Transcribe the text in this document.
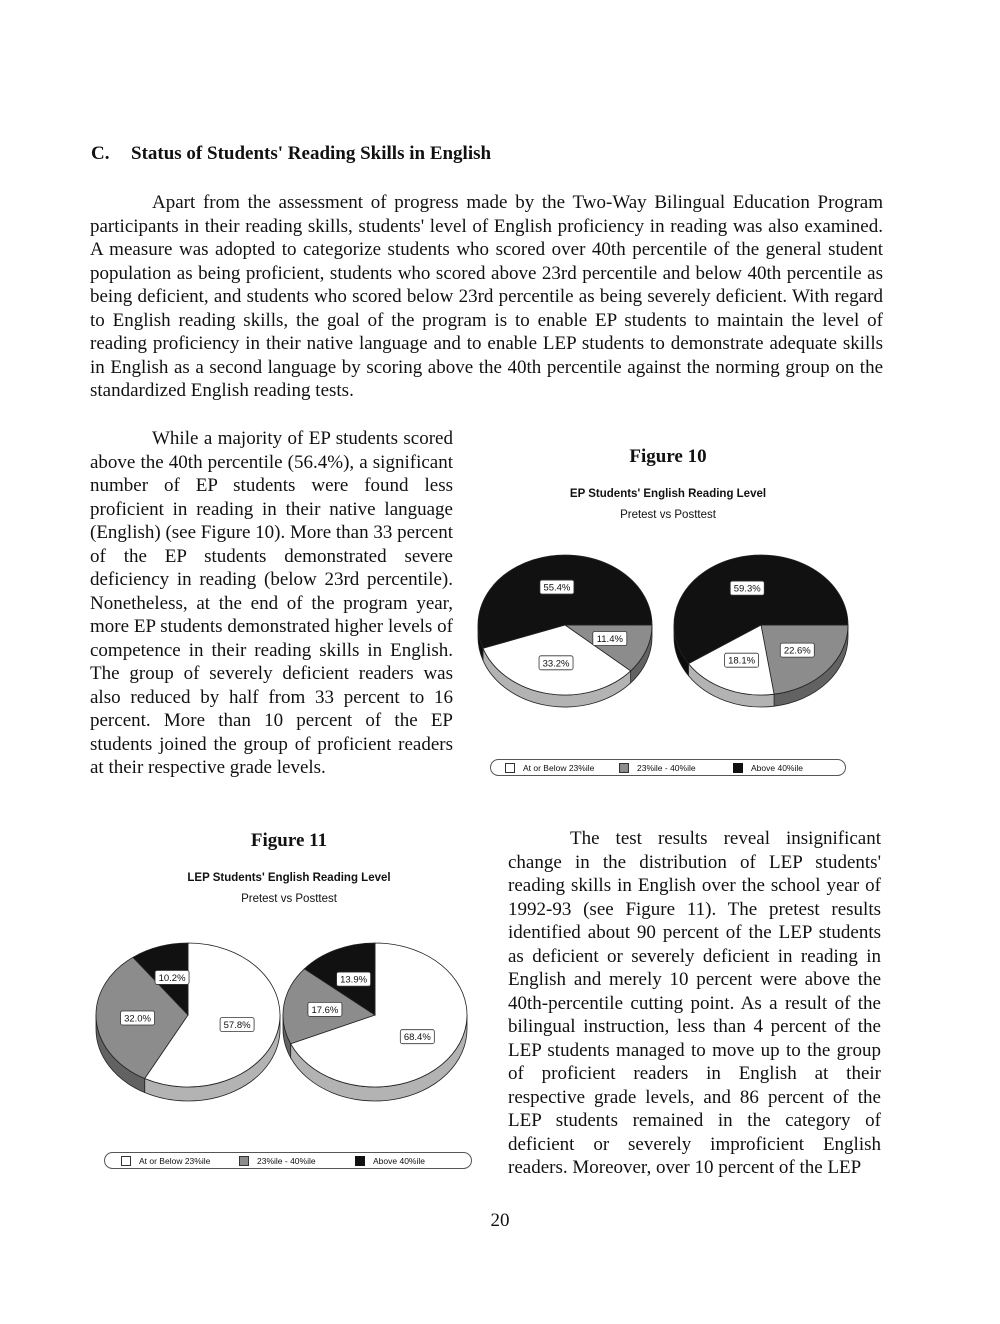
C. Status of Students' Reading Skills in English

Apart from the assessment of progress made by the Two-Way Bilingual Education Program participants in their reading skills, students' level of English proficiency in reading was also examined. A measure was adopted to categorize students who scored over 40th percentile of the general student population as being proficient, students who scored above 23rd percentile and below 40th percentile as being deficient, and students who scored below 23rd percentile as being severely deficient. With regard to English reading skills, the goal of the program is to enable EP students to maintain the level of reading proficiency in their native language and to enable LEP students to demonstrate adequate skills in English as a second language by scoring above the 40th percentile against the norming group on the standardized English reading tests.

While a majority of EP students scored above the 40th percentile (56.4%), a significant number of EP students were found less proficient in reading in their native language (English) (see Figure 10). More than 33 percent of the EP students demonstrated severe deficiency in reading (below 23rd percentile). Nonetheless, at the end of the program year, more EP students demonstrated higher levels of competence in their reading skills in English. The group of severely deficient readers was also reduced by half from 33 percent to 16 percent. More than 10 percent of the EP students joined the group of proficient readers at their respective grade levels.

Figure 10

EP Students' English Reading Level
Pretest vs Posttest
11.4%
33.2%
55.4%
22.6%
18.1%
59.3%
At or Below 23%ile	23%ile - 40%ile	Above 40%ile

Figure 11

LEP Students' English Reading Level
Pretest vs Posttest
57.8%
32.0%
10.2%
68.4%
17.6%
13.9%
At or Below 23%ile	23%ile - 40%ile	Above 40%ile

The test results reveal insignificant change in the distribution of LEP students' reading skills in English over the school year of 1992-93 (see Figure 11). The pretest results identified about 90 percent of the LEP students as deficient or severely deficient in reading in English and merely 10 percent were above the 40th-percentile cutting point. As a result of the bilingual instruction, less than 4 percent of the LEP students managed to move up to the group of proficient readers in English at their respective grade levels, and 86 percent of the LEP students remained in the category of deficient or severely improficient English readers. Moreover, over 10 percent of the LEP

20
